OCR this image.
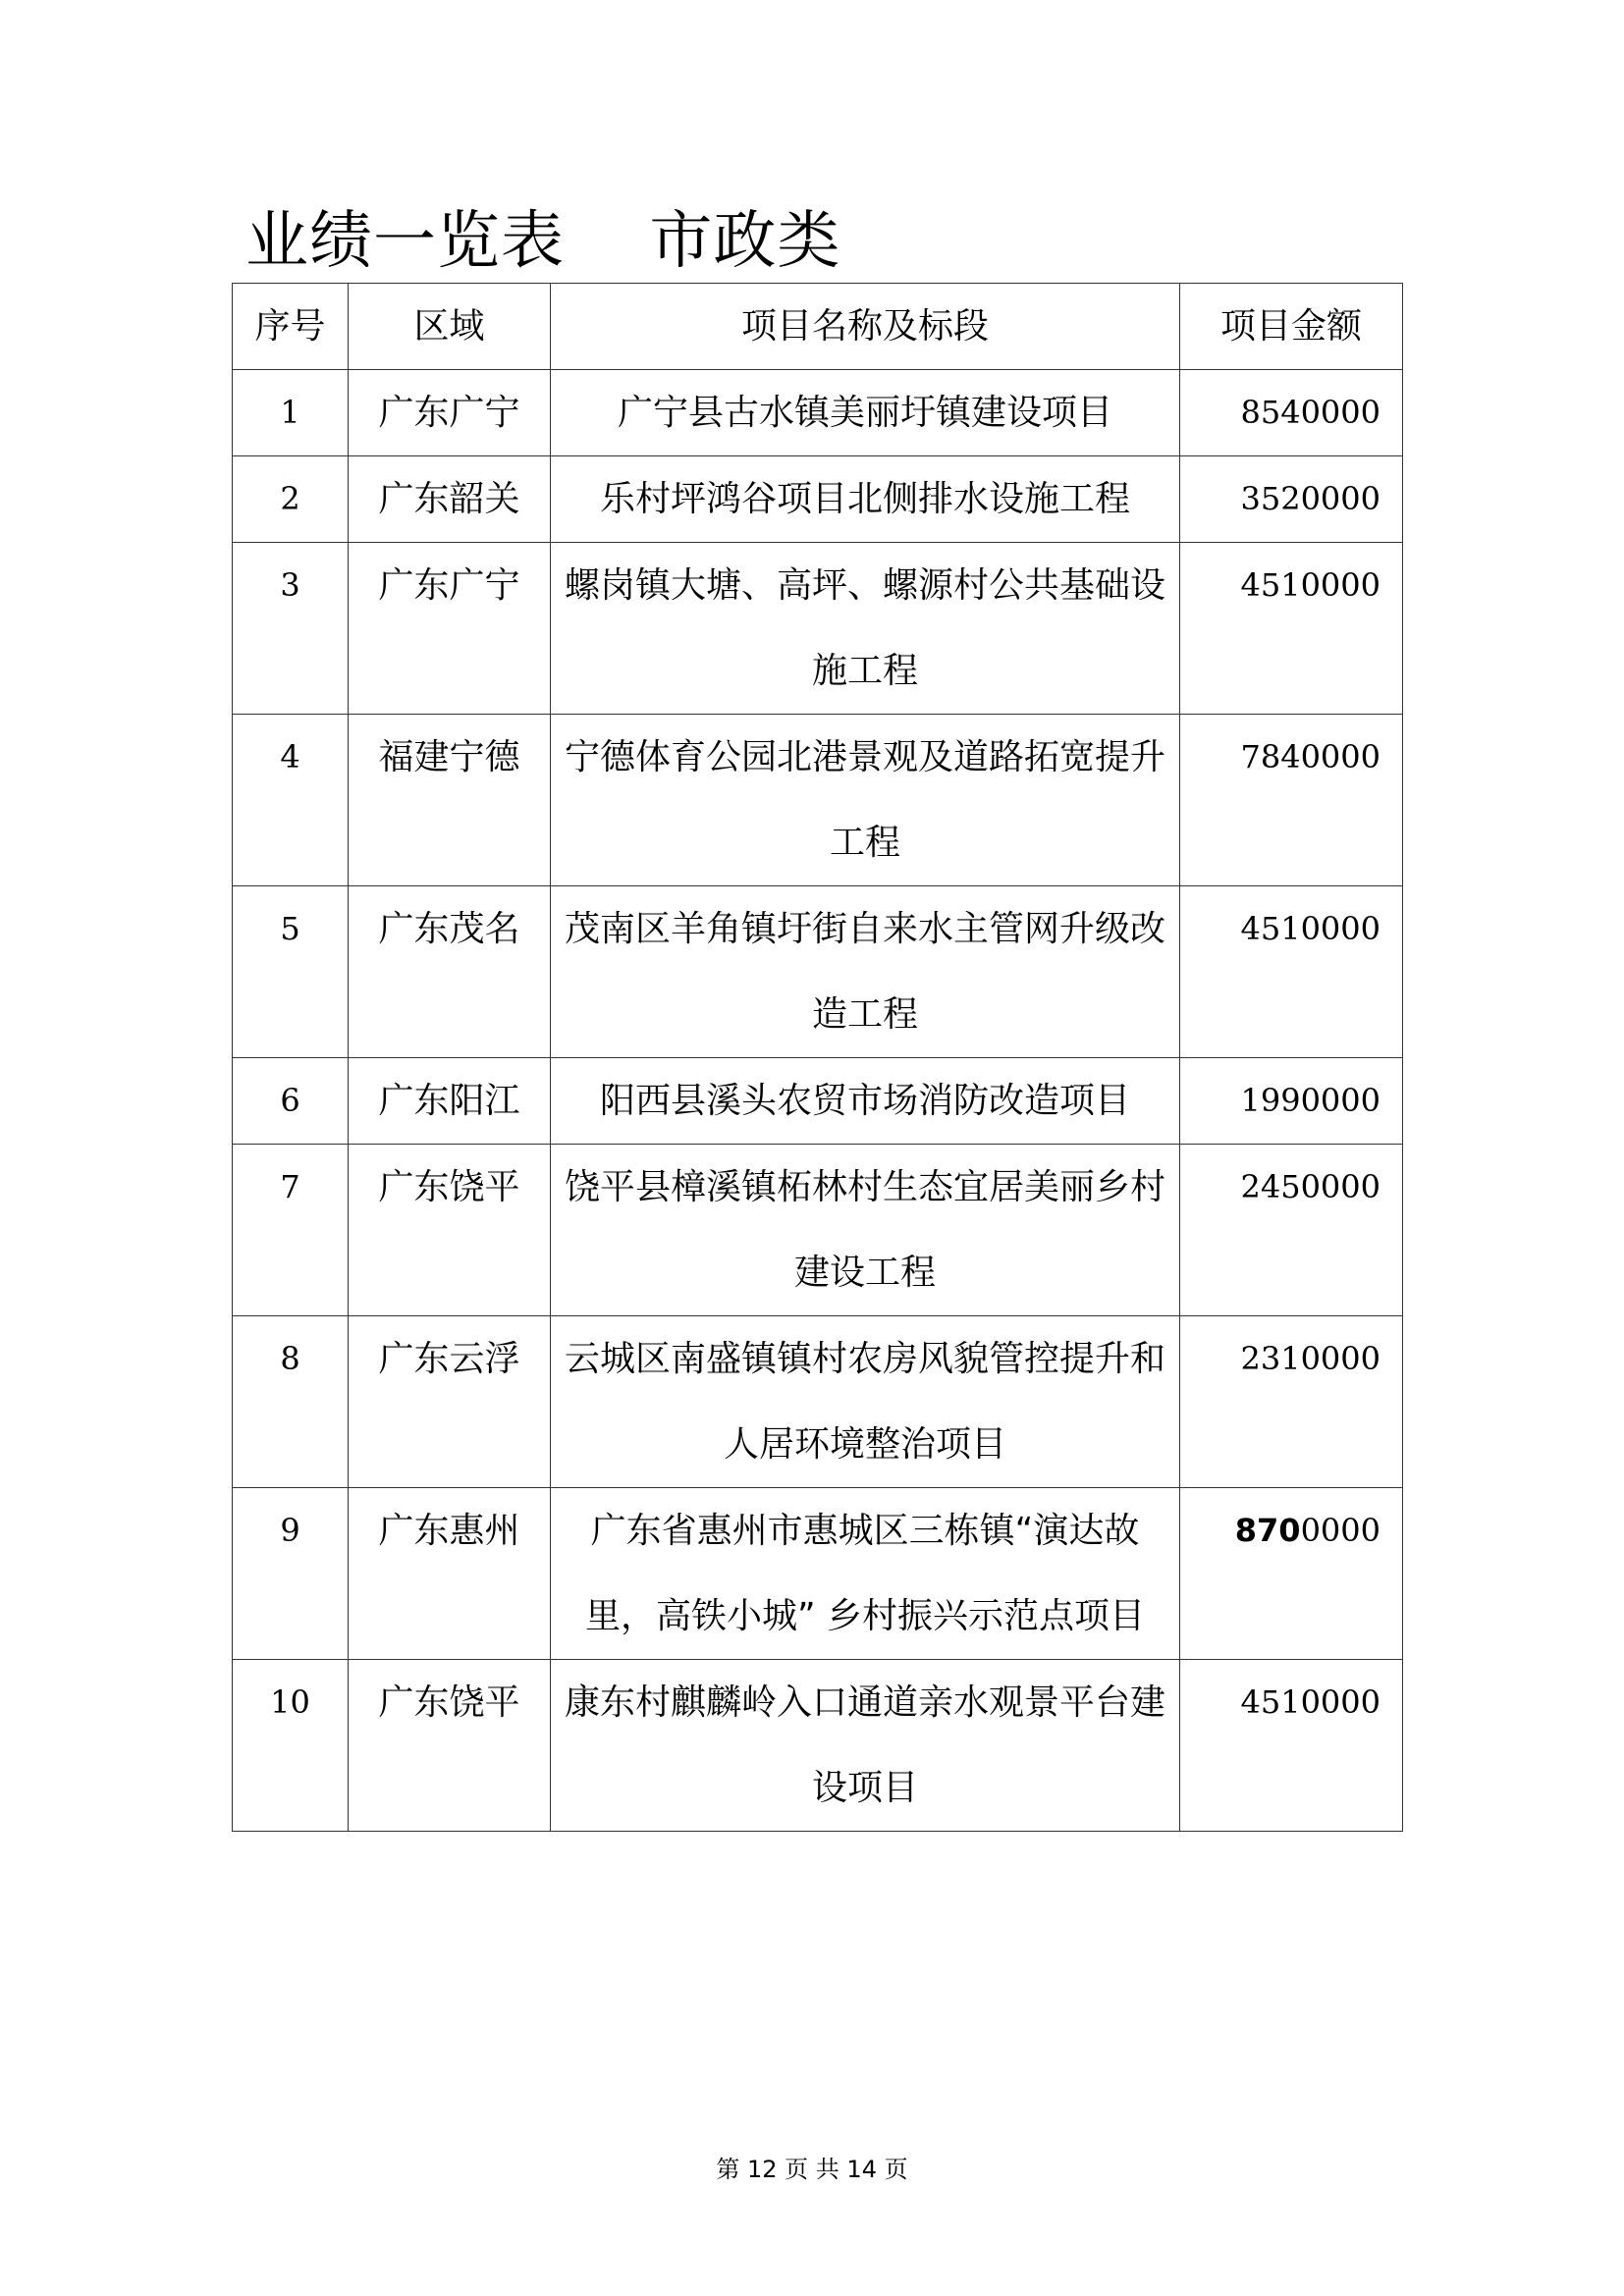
业绩一览表　 市政类
序号	区域	项目名称及标段	项目金额
1	广东广宁	广宁县古水镇美丽圩镇建设项目	8540000
2	广东韶关	乐村坪鸿谷项目北侧排水设施工程	3520000
3	广东广宁	螺岗镇大塘、高坪、螺源村公共基础设施工程	4510000
4	福建宁德	宁德体育公园北港景观及道路拓宽提升工程	7840000
5	广东茂名	茂南区羊角镇圩街自来水主管网升级改造工程	4510000
6	广东阳江	阳西县溪头农贸市场消防改造项目	1990000
7	广东饶平	饶平县樟溪镇柘林村生态宜居美丽乡村建设工程	2450000
8	广东云浮	云城区南盛镇镇村农房风貌管控提升和人居环境整治项目	2310000
9	广东惠州	广东省惠州市惠城区三栋镇“演达故里，高铁小城” 乡村振兴示范点项目	8700000
10	广东饶平	康东村麒麟岭入口通道亲水观景平台建设项目	4510000
第 12 页 共 14 页
